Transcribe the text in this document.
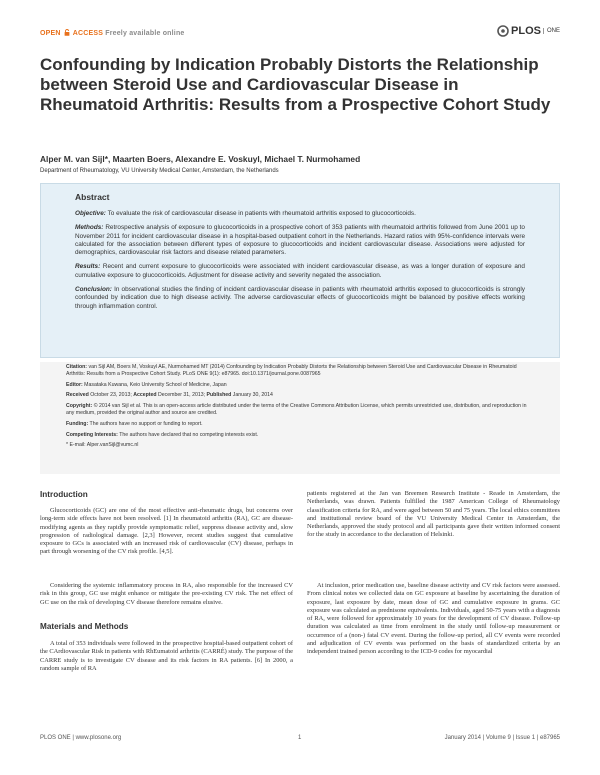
OPEN ACCESS Freely available online	PLOS ONE
Confounding by Indication Probably Distorts the Relationship between Steroid Use and Cardiovascular Disease in Rheumatoid Arthritis: Results from a Prospective Cohort Study

Alper M. van Sijl*, Maarten Boers, Alexandre E. Voskuyl, Michael T. Nurmohamed

Department of Rheumatology, VU University Medical Center, Amsterdam, the Netherlands

Abstract

Objective: To evaluate the risk of cardiovascular disease in patients with rheumatoid arthritis exposed to glucocorticoids.

Methods: Retrospective analysis of exposure to glucocorticoids in a prospective cohort of 353 patients with rheumatoid arthritis followed from June 2001 up to November 2011 for incident cardiovascular disease in a hospital-based outpatient cohort in the Netherlands. Hazard ratios with 95%-confidence intervals were calculated for the association between different types of exposure to glucocorticoids and incident cardiovascular disease. Associations were adjusted for demographics, cardiovascular risk factors and disease related parameters.

Results: Recent and current exposure to glucocorticoids were associated with incident cardiovascular disease, as was a longer duration of exposure and cumulative exposure to glucocorticoids. Adjustment for disease activity and severity negated the association.

Conclusion: In observational studies the finding of incident cardiovascular disease in patients with rheumatoid arthritis exposed to glucocorticoids is strongly confounded by indication due to high disease activity. The adverse cardiovascular effects of glucocorticoids might be balanced by positive effects working through inflammation control.

Citation: van Sijl AM, Boers M, Voskuyl AE, Nurmohamed MT (2014) Confounding by Indication Probably Distorts the Relationship between Steroid Use and Cardiovascular Disease in Rheumatoid Arthritis: Results from a Prospective Cohort Study. PLoS ONE 9(1): e87965. doi:10.1371/journal.pone.0087965

Editor: Masataka Kuwana, Keio University School of Medicine, Japan

Received October 23, 2013; Accepted December 31, 2013; Published January 30, 2014

Copyright: © 2014 van Sijl et al. This is an open-access article distributed under the terms of the Creative Commons Attribution License, which permits unrestricted use, distribution, and reproduction in any medium, provided the original author and source are credited.

Funding: The authors have no support or funding to report.

Competing Interests: The authors have declared that no competing interests exist.

* E-mail: Alper.vanSijl@vumc.nl

Introduction

Glucocorticoids (GC) are one of the most effective anti-rheumatic drugs, but concerns over long-term side effects have not been resolved. [1] In rheumatoid arthritis (RA), GC are disease-modifying agents as they rapidly provide symptomatic relief, suppress disease activity and, slow progression of radiological damage. [2,3] However, recent studies suggest that cumulative exposure to GCs is associated with an increased risk of cardiovascular (CV) disease, perhaps in part through worsening of the CV risk profile. [4,5].

Considering the systemic inflammatory process in RA, also responsible for the increased CV risk in this group, GC use might enhance or mitigate the pre-existing CV risk. The net effect of GC use on the risk of developing CV disease therefore remains elusive.

Materials and Methods

A total of 353 individuals were followed in the prospective hospital-based outpatient cohort of the CArdiovascular Risk in patients with RhEumatoid arthritis (CARRÉ) study. The purpose of the CARRE study is to investigate CV disease and its risk factors in RA patients. [6] In 2000, a random sample of RA

patients registered at the Jan van Breemen Research Institute - Reade in Amsterdam, the Netherlands, was drawn. Patients fulfilled the 1987 American College of Rheumatology classification criteria for RA, and were aged between 50 and 75 years. The local ethics committees and institutional review board of the VU University Medical Center in Amsterdam, the Netherlands, approved the study protocol and all participants gave their written informed consent for the study in accordance to the declaration of Helsinki.

At inclusion, prior medication use, baseline disease activity and CV risk factors were assessed. From clinical notes we collected data on GC exposure at baseline by ascertaining the duration of exposure, last exposure by date, mean dose of GC and cumulative exposure in grams. GC exposure was calculated as prednisone equivalents. Individuals, aged 50-75 years with a diagnosis of RA, were followed for approximately 10 years for the development of CV disease. Follow-up duration was calculated as time from enrolment in the study until follow-up measurement or occurrence of a (non-) fatal CV event. During the follow-up period, all CV events were recorded and adjudication of CV events was performed on the basis of standardized criteria by an independent trained person according to the ICD-9 codes for myocardial

PLOS ONE | www.plosone.org	1	January 2014 | Volume 9 | Issue 1 | e87965
